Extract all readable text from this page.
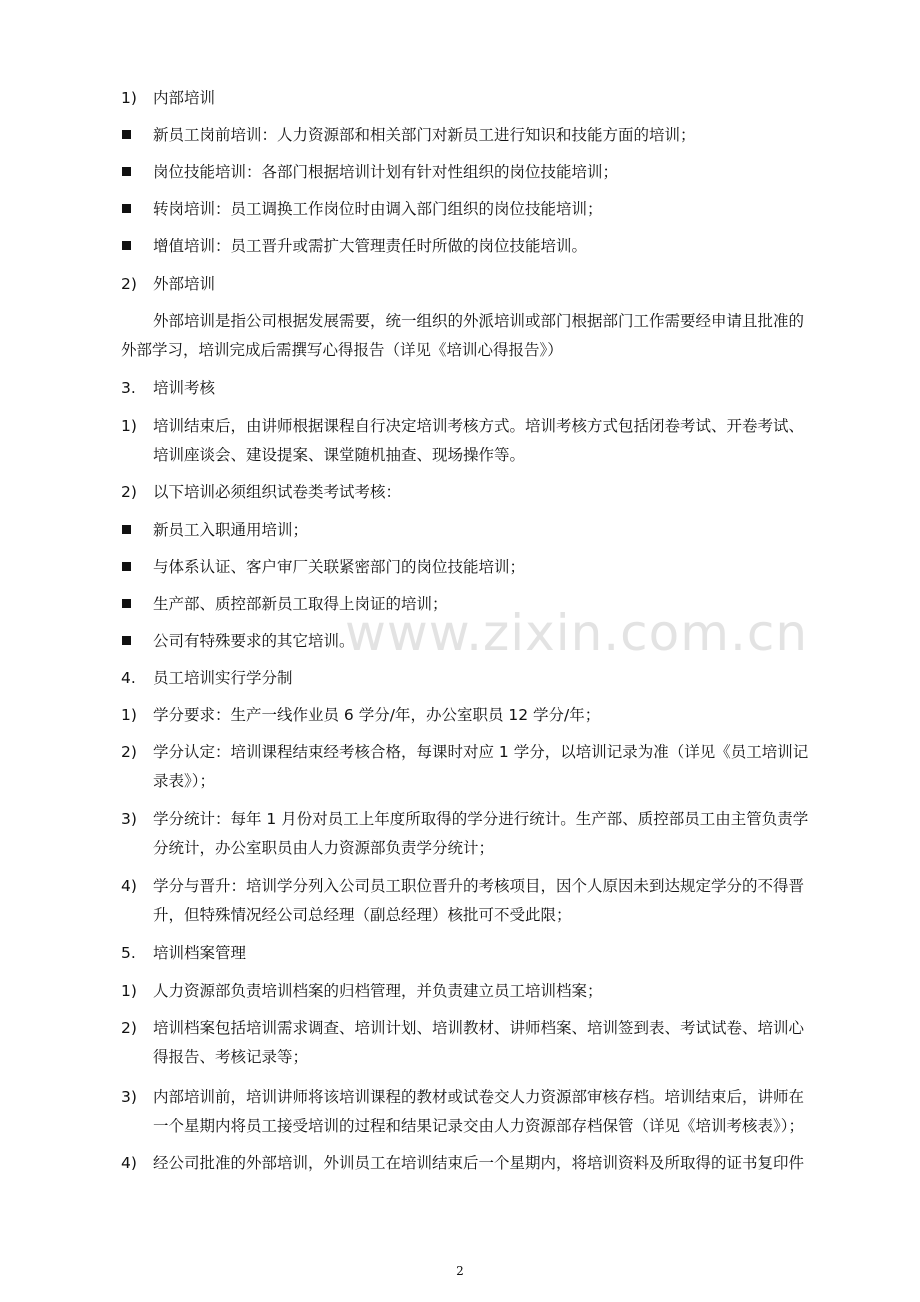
www.zixin.com.cn
1) 内部培训
新员工岗前培训：人力资源部和相关部门对新员工进行知识和技能方面的培训；
岗位技能培训：各部门根据培训计划有针对性组织的岗位技能培训；
转岗培训：员工调换工作岗位时由调入部门组织的岗位技能培训；
增值培训：员工晋升或需扩大管理责任时所做的岗位技能培训。
2) 外部培训
外部培训是指公司根据发展需要，统一组织的外派培训或部门根据部门工作需要经申请且批准的
外部学习，培训完成后需撰写心得报告（详见《培训心得报告》）
3. 培训考核
1) 培训结束后，由讲师根据课程自行决定培训考核方式。培训考核方式包括闭卷考试、开卷考试、
培训座谈会、建设提案、课堂随机抽查、现场操作等。
2) 以下培训必须组织试卷类考试考核：
新员工入职通用培训；
与体系认证、客户审厂关联紧密部门的岗位技能培训；
生产部、质控部新员工取得上岗证的培训；
公司有特殊要求的其它培训。
4. 员工培训实行学分制
1) 学分要求：生产一线作业员 6 学分/年，办公室职员 12 学分/年；
2) 学分认定：培训课程结束经考核合格，每课时对应 1 学分，以培训记录为准（详见《员工培训记
录表》）；
3) 学分统计：每年 1 月份对员工上年度所取得的学分进行统计。生产部、质控部员工由主管负责学
分统计，办公室职员由人力资源部负责学分统计；
4) 学分与晋升：培训学分列入公司员工职位晋升的考核项目，因个人原因未到达规定学分的不得晋
升，但特殊情况经公司总经理（副总经理）核批可不受此限；
5. 培训档案管理
1) 人力资源部负责培训档案的归档管理，并负责建立员工培训档案；
2) 培训档案包括培训需求调查、培训计划、培训教材、讲师档案、培训签到表、考试试卷、培训心
得报告、考核记录等；
3) 内部培训前，培训讲师将该培训课程的教材或试卷交人力资源部审核存档。培训结束后，讲师在
一个星期内将员工接受培训的过程和结果记录交由人力资源部存档保管（详见《培训考核表》）；
4) 经公司批准的外部培训，外训员工在培训结束后一个星期内，将培训资料及所取得的证书复印件
2
